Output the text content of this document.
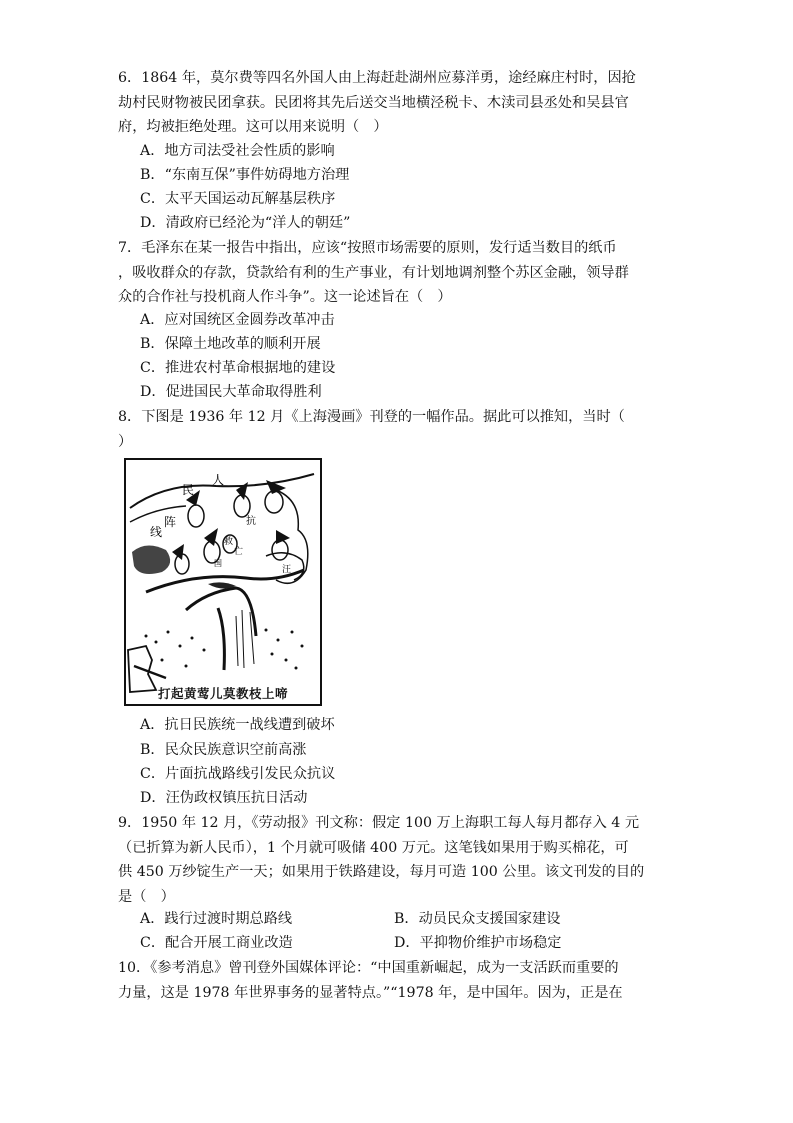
6．1864 年，莫尔费等四名外国人由上海赶赴湖州应募洋勇，途经麻庄村时，因抢
劫村民财物被民团拿获。民团将其先后送交当地横泾税卡、木渎司县丞处和吴县官
府，均被拒绝处理。这可以用来说明（　）
A．地方司法受社会性质的影响
B．“东南互保”事件妨碍地方治理
C．太平天国运动瓦解基层秩序
D．清政府已经沦为“洋人的朝廷”
7．毛泽东在某一报告中指出，应该“按照市场需要的原则，发行适当数目的纸币
，吸收群众的存款，贷款给有利的生产事业，有计划地调剂整个苏区金融，领导群
众的合作社与投机商人作斗争”。这一论述旨在（　）
A．应对国统区金圆券改革冲击
B．保障土地改革的顺利开展
C．推进农村革命根据地的建设
D．促进国民大革命取得胜利
8．下图是 1936 年 12 月《上海漫画》刊登的一幅作品。据此可以推知，当时（
）
民
人
线
阵	抗
救
亡
国
汪
打起黄莺儿莫教枝上啼
A．抗日民族统一战线遭到破坏
B．民众民族意识空前高涨
C．片面抗战路线引发民众抗议
D．汪伪政权镇压抗日活动
9．1950 年 12 月，《劳动报》刊文称：假定 100 万上海职工每人每月都存入 4 元
（已折算为新人民币），1 个月就可吸储 400 万元。这笔钱如果用于购买棉花，可
供 450 万纱锭生产一天；如果用于铁路建设，每月可造 100 公里。该文刊发的目的
是（　）
A．践行过渡时期总路线	B．动员民众支援国家建设
C．配合开展工商业改造	D．平抑物价维护市场稳定
10．《参考消息》曾刊登外国媒体评论：“中国重新崛起，成为一支活跃而重要的
力量，这是 1978 年世界事务的显著特点。”“1978 年，是中国年。因为，正是在
